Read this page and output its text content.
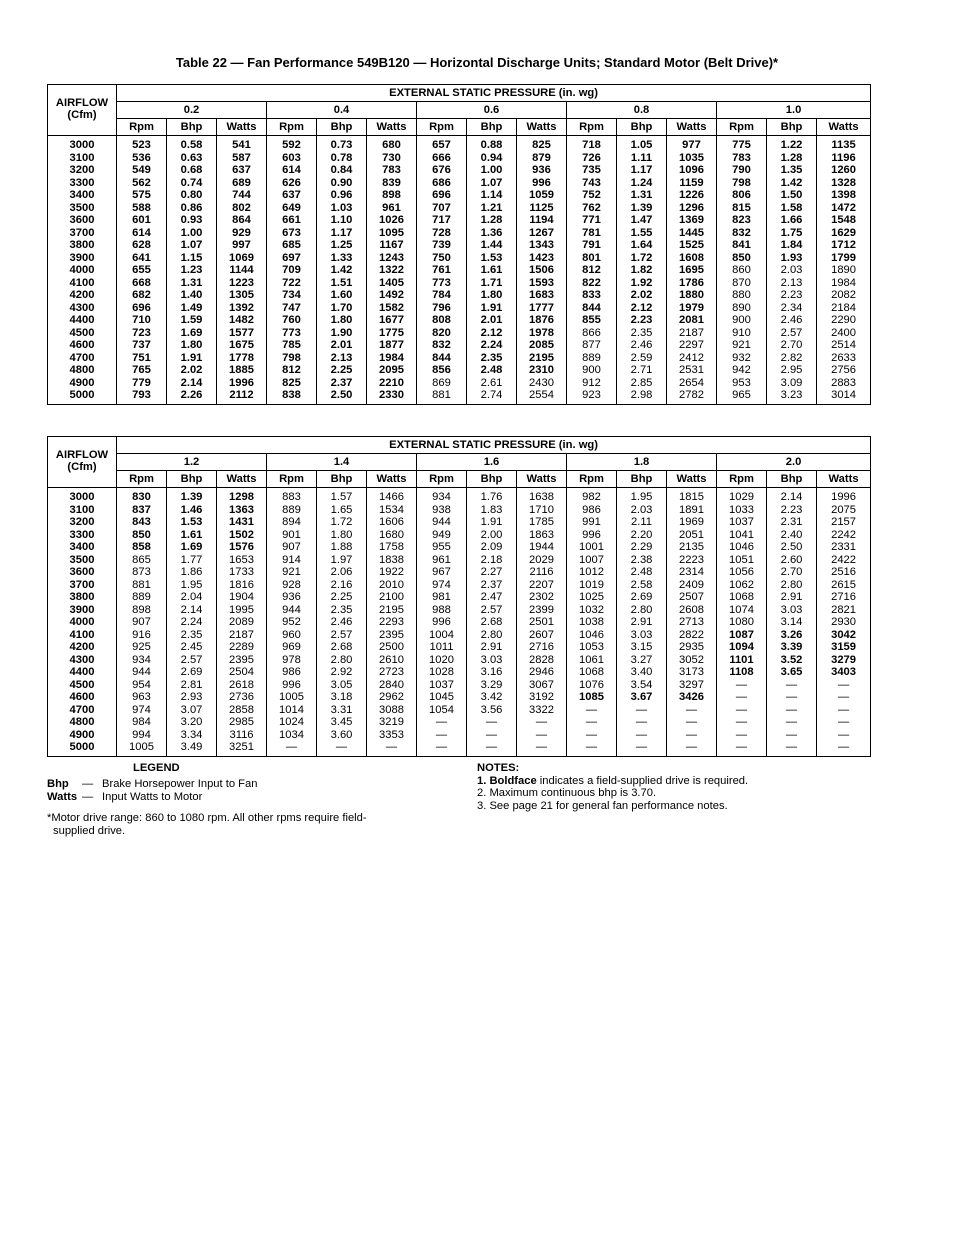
Table 22 — Fan Performance 549B120 — Horizontal Discharge Units; Standard Motor (Belt Drive)*
AIRFLOW
(Cfm)	EXTERNAL STATIC PRESSURE (in. wg)														
	0.2			0.4			0.6			0.8			1.0		
	Rpm	Bhp	Watts	Rpm	Bhp	Watts	Rpm	Bhp	Watts	Rpm	Bhp	Watts	Rpm	Bhp	Watts
3000	523	0.58	541	592	0.73	680	657	0.88	825	718	1.05	977	775	1.22	1135
3100	536	0.63	587	603	0.78	730	666	0.94	879	726	1.11	1035	783	1.28	1196
3200	549	0.68	637	614	0.84	783	676	1.00	936	735	1.17	1096	790	1.35	1260
3300	562	0.74	689	626	0.90	839	686	1.07	996	743	1.24	1159	798	1.42	1328
3400	575	0.80	744	637	0.96	898	696	1.14	1059	752	1.31	1226	806	1.50	1398
3500	588	0.86	802	649	1.03	961	707	1.21	1125	762	1.39	1296	815	1.58	1472
3600	601	0.93	864	661	1.10	1026	717	1.28	1194	771	1.47	1369	823	1.66	1548
3700	614	1.00	929	673	1.17	1095	728	1.36	1267	781	1.55	1445	832	1.75	1629
3800	628	1.07	997	685	1.25	1167	739	1.44	1343	791	1.64	1525	841	1.84	1712
3900	641	1.15	1069	697	1.33	1243	750	1.53	1423	801	1.72	1608	850	1.93	1799
4000	655	1.23	1144	709	1.42	1322	761	1.61	1506	812	1.82	1695	860	2.03	1890
4100	668	1.31	1223	722	1.51	1405	773	1.71	1593	822	1.92	1786	870	2.13	1984
4200	682	1.40	1305	734	1.60	1492	784	1.80	1683	833	2.02	1880	880	2.23	2082
4300	696	1.49	1392	747	1.70	1582	796	1.91	1777	844	2.12	1979	890	2.34	2184
4400	710	1.59	1482	760	1.80	1677	808	2.01	1876	855	2.23	2081	900	2.46	2290
4500	723	1.69	1577	773	1.90	1775	820	2.12	1978	866	2.35	2187	910	2.57	2400
4600	737	1.80	1675	785	2.01	1877	832	2.24	2085	877	2.46	2297	921	2.70	2514
4700	751	1.91	1778	798	2.13	1984	844	2.35	2195	889	2.59	2412	932	2.82	2633
4800	765	2.02	1885	812	2.25	2095	856	2.48	2310	900	2.71	2531	942	2.95	2756
4900	779	2.14	1996	825	2.37	2210	869	2.61	2430	912	2.85	2654	953	3.09	2883
5000	793	2.26	2112	838	2.50	2330	881	2.74	2554	923	2.98	2782	965	3.23	3014
AIRFLOW
(Cfm)	EXTERNAL STATIC PRESSURE (in. wg)														
	1.2			1.4			1.6			1.8			2.0		
	Rpm	Bhp	Watts	Rpm	Bhp	Watts	Rpm	Bhp	Watts	Rpm	Bhp	Watts	Rpm	Bhp	Watts
3000	830	1.39	1298	883	1.57	1466	934	1.76	1638	982	1.95	1815	1029	2.14	1996
3100	837	1.46	1363	889	1.65	1534	938	1.83	1710	986	2.03	1891	1033	2.23	2075
3200	843	1.53	1431	894	1.72	1606	944	1.91	1785	991	2.11	1969	1037	2.31	2157
3300	850	1.61	1502	901	1.80	1680	949	2.00	1863	996	2.20	2051	1041	2.40	2242
3400	858	1.69	1576	907	1.88	1758	955	2.09	1944	1001	2.29	2135	1046	2.50	2331
3500	865	1.77	1653	914	1.97	1838	961	2.18	2029	1007	2.38	2223	1051	2.60	2422
3600	873	1.86	1733	921	2.06	1922	967	2.27	2116	1012	2.48	2314	1056	2.70	2516
3700	881	1.95	1816	928	2.16	2010	974	2.37	2207	1019	2.58	2409	1062	2.80	2615
3800	889	2.04	1904	936	2.25	2100	981	2.47	2302	1025	2.69	2507	1068	2.91	2716
3900	898	2.14	1995	944	2.35	2195	988	2.57	2399	1032	2.80	2608	1074	3.03	2821
4000	907	2.24	2089	952	2.46	2293	996	2.68	2501	1038	2.91	2713	1080	3.14	2930
4100	916	2.35	2187	960	2.57	2395	1004	2.80	2607	1046	3.03	2822	1087	3.26	3042
4200	925	2.45	2289	969	2.68	2500	1011	2.91	2716	1053	3.15	2935	1094	3.39	3159
4300	934	2.57	2395	978	2.80	2610	1020	3.03	2828	1061	3.27	3052	1101	3.52	3279
4400	944	2.69	2504	986	2.92	2723	1028	3.16	2946	1068	3.40	3173	1108	3.65	3403
4500	954	2.81	2618	996	3.05	2840	1037	3.29	3067	1076	3.54	3297	—	—	—
4600	963	2.93	2736	1005	3.18	2962	1045	3.42	3192	1085	3.67	3426	—	—	—
4700	974	3.07	2858	1014	3.31	3088	1054	3.56	3322	—	—	—	—	—	—
4800	984	3.20	2985	1024	3.45	3219	—	—	—	—	—	—	—	—	—
4900	994	3.34	3116	1034	3.60	3353	—	—	—	—	—	—	—	—	—
5000	1005	3.49	3251	—	—	—	—	—	—	—	—	—	—	—	—
LEGEND
Bhp — Brake Horsepower Input to Fan
Watts — Input Watts to Motor
*Motor drive range: 860 to 1080 rpm. All other rpms require field-
supplied drive.
NOTES:
1. Boldface indicates a field-supplied drive is required.
2. Maximum continuous bhp is 3.70.
3. See page 21 for general fan performance notes.
